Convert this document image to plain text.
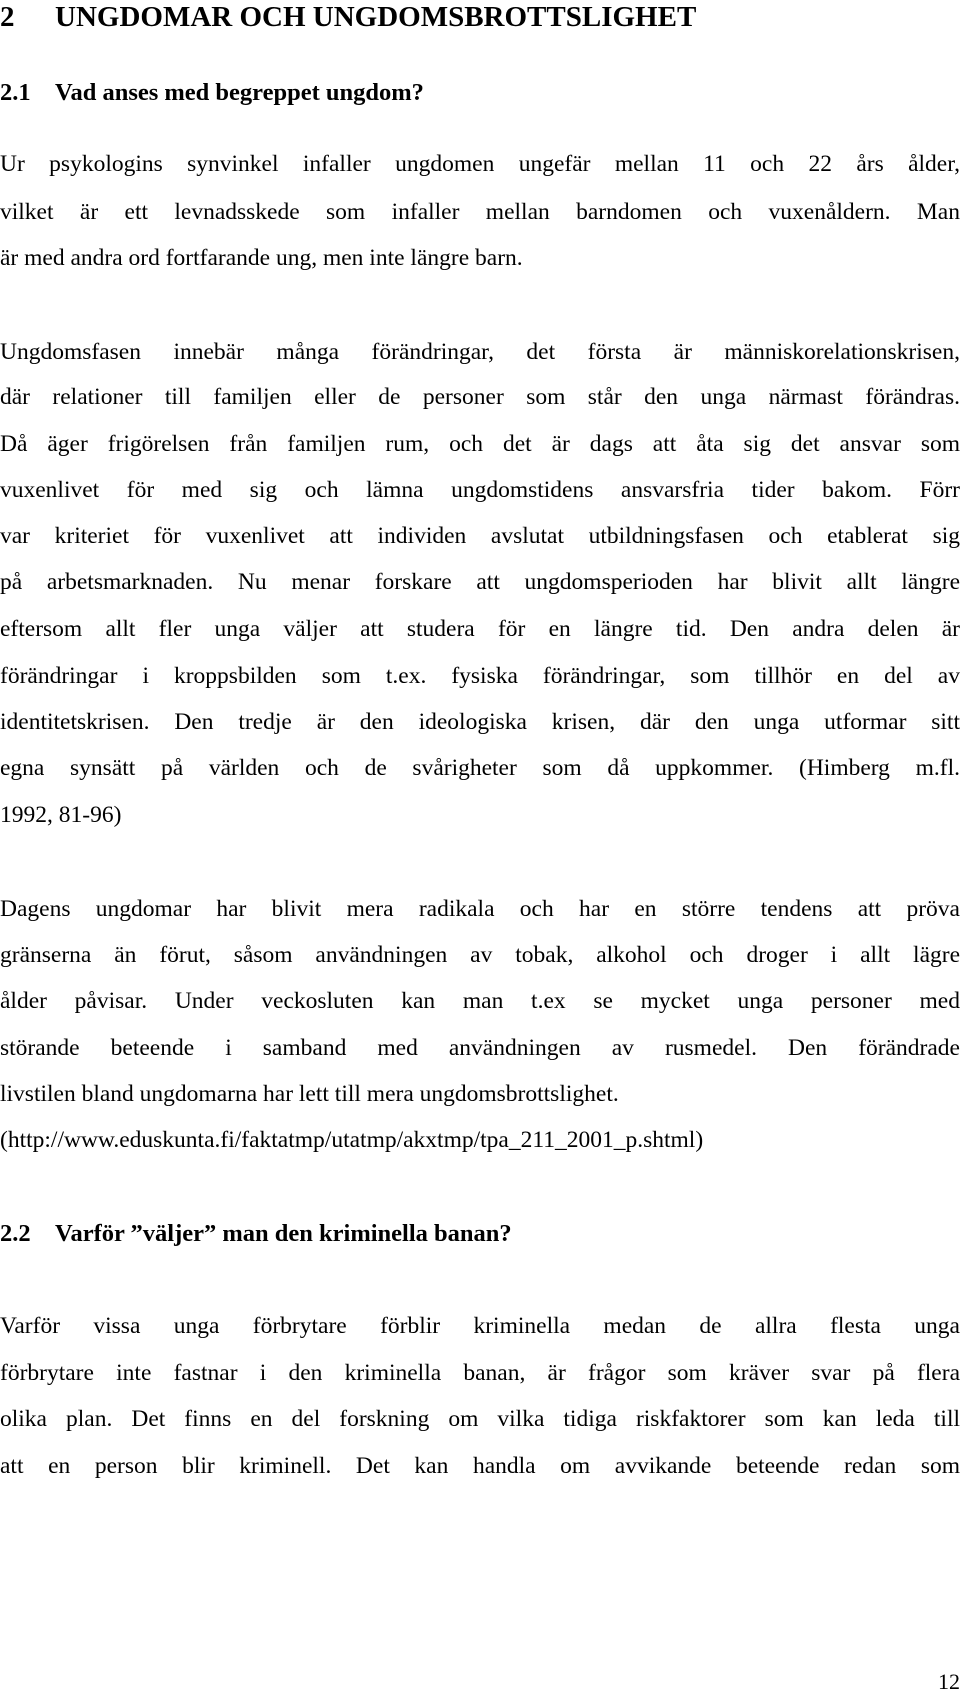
2 UNGDOMAR OCH UNGDOMSBROTTSLIGHET
2.1 Vad anses med begreppet ungdom?
Ur psykologins synvinkel infaller ungdomen ungefär mellan 11 och 22 års ålder,
vilket är ett levnadsskede som infaller mellan barndomen och vuxenåldern. Man
är med andra ord fortfarande ung, men inte längre barn.
Ungdomsfasen innebär många förändringar, det första är människorelationskrisen,
där relationer till familjen eller de personer som står den unga närmast förändras.
Då äger frigörelsen från familjen rum, och det är dags att åta sig det ansvar som
vuxenlivet för med sig och lämna ungdomstidens ansvarsfria tider bakom. Förr
var kriteriet för vuxenlivet att individen avslutat utbildningsfasen och etablerat sig
på arbetsmarknaden. Nu menar forskare att ungdomsperioden har blivit allt längre
eftersom allt fler unga väljer att studera för en längre tid. Den andra delen är
förändringar i kroppsbilden som t.ex. fysiska förändringar, som tillhör en del av
identitetskrisen. Den tredje är den ideologiska krisen, där den unga utformar sitt
egna synsätt på världen och de svårigheter som då uppkommer. (Himberg m.fl.
1992, 81-96)
Dagens ungdomar har blivit mera radikala och har en större tendens att pröva
gränserna än förut, såsom användningen av tobak, alkohol och droger i allt lägre
ålder påvisar. Under veckosluten kan man t.ex se mycket unga personer med
störande beteende i samband med användningen av rusmedel. Den förändrade
livstilen bland ungdomarna har lett till mera ungdomsbrottslighet.
(http://www.eduskunta.fi/faktatmp/utatmp/akxtmp/tpa_211_2001_p.shtml)
2.2 Varför ”väljer” man den kriminella banan?
Varför vissa unga förbrytare förblir kriminella medan de allra flesta unga
förbrytare inte fastnar i den kriminella banan, är frågor som kräver svar på flera
olika plan. Det finns en del forskning om vilka tidiga riskfaktorer som kan leda till
att en person blir kriminell. Det kan handla om avvikande beteende redan som
12
